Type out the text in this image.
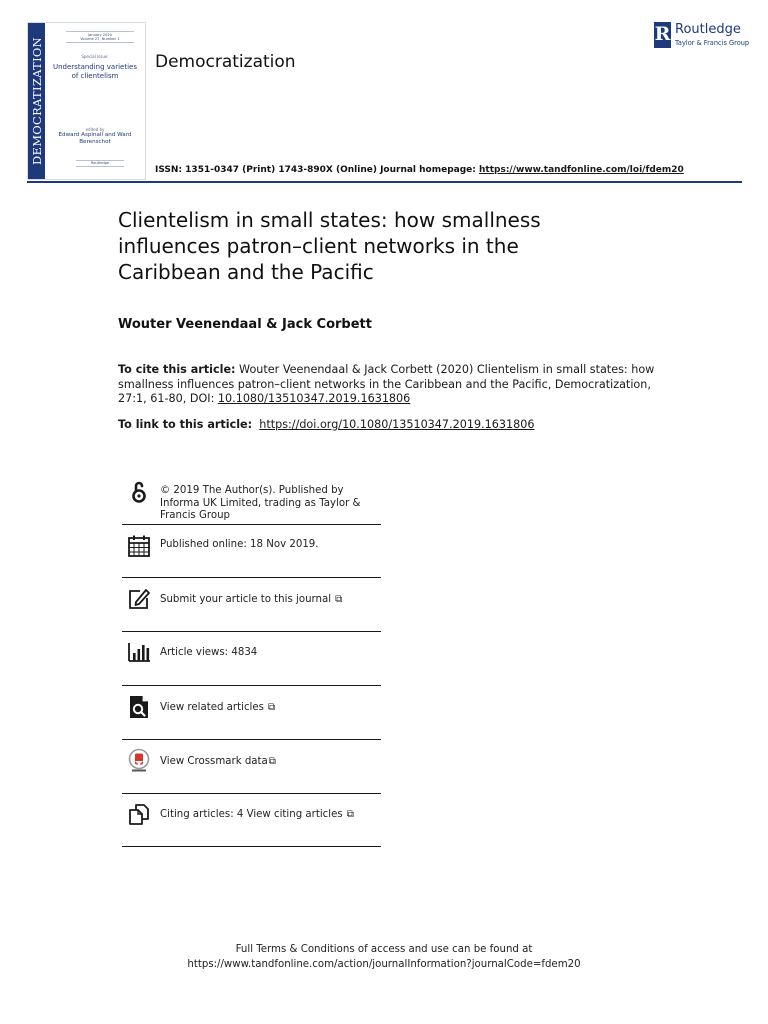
DEMOCRATIZATION
January 2020
Volume 27, Number 1
Special Issue:
Understanding varieties of clientelism
edited by
Edward Aspinall and Ward Berenschot
Routledge
Democratization
R Routledge
Taylor & Francis Group
ISSN: 1351-0347 (Print) 1743-890X (Online) Journal homepage: https://www.tandfonline.com/loi/fdem20
Clientelism in small states: how smallness influences patron–client networks in the Caribbean and the Pacific
Wouter Veenendaal & Jack Corbett
To cite this article: Wouter Veenendaal & Jack Corbett (2020) Clientelism in small states: how smallness influences patron–client networks in the Caribbean and the Pacific, Democratization, 27:1, 61-80, DOI: 10.1080/13510347.2019.1631806
To link to this article: https://doi.org/10.1080/13510347.2019.1631806
© 2019 The Author(s). Published by Informa UK Limited, trading as Taylor & Francis Group
Published online: 18 Nov 2019.
Submit your article to this journal ⧉
Article views: 4834
View related articles ⧉
View Crossmark data⧉
Citing articles: 4 View citing articles ⧉
Full Terms & Conditions of access and use can be found at
https://www.tandfonline.com/action/journalInformation?journalCode=fdem20
